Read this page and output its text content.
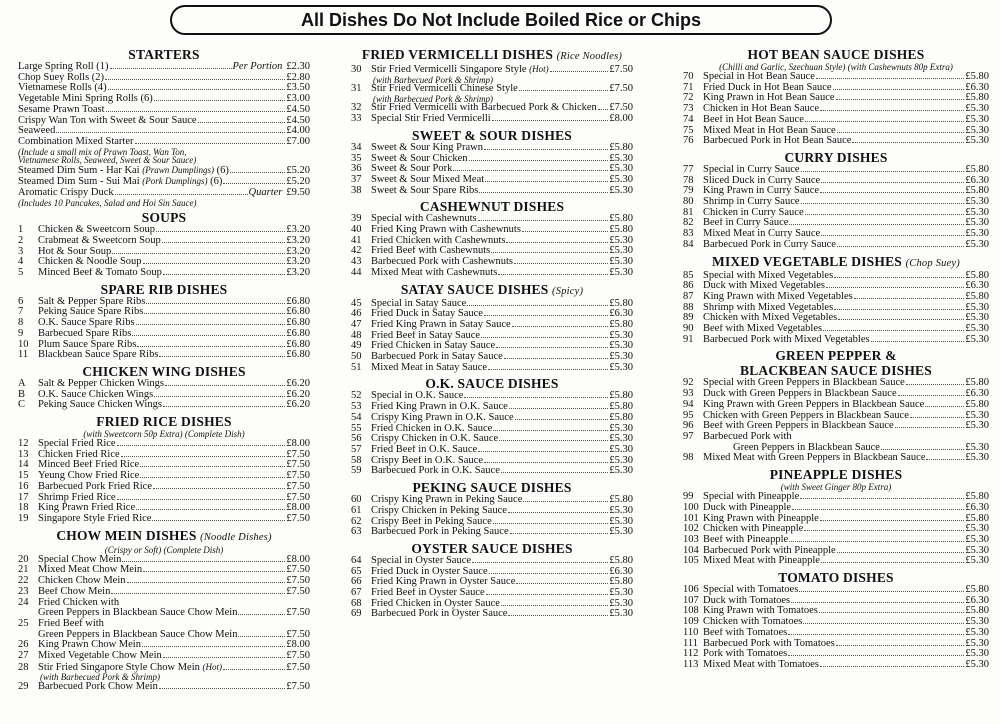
All Dishes Do Not Include Boiled Rice or Chips
STARTERS
Large Spring Roll (1)	Per Portion £2.30
Chop Suey Rolls (2)	£2.80
Vietnamese Rolls (4)	£3.50
Vegetable Mini Spring Rolls (6)	£3.00
Sesame Prawn Toast	£4.50
Crispy Wan Ton with Sweet & Sour Sauce	£4.50
Seaweed	£4.00
Combination Mixed Starter	£7.00
(Include a small mix of Prawn Toast, Wan Ton,
Vietnamese Rolls, Seaweed, Sweet & Sour Sauce)
Steamed Dim Sum - Har Kai (Prawn Dumplings) (6)	£5.20
Steamed Dim Sum - Sui Mai (Pork Dumplings) (6)	£5.20
Aromatic Crispy Duck	Quarter £9.50
(Includes 10 Pancakes, Salad and Hoi Sin Sauce)
SOUPS
1	Chicken & Sweetcorn Soup	£3.20
2	Crabmeat & Sweetcorn Soup	£3.20
3	Hot & Sour Soup	£3.20
4	Chicken & Noodle Soup	£3.20
5	Minced Beef & Tomato Soup	£3.20
SPARE RIB DISHES
6	Salt & Pepper Spare Ribs	£6.80
7	Peking Sauce Spare Ribs	£6.80
8	O.K. Sauce Spare Ribs	£6.80
9	Barbecued Spare Ribs	£6.80
10 Plum Sauce Spare Ribs	£6.80
11 Blackbean Sauce Spare Ribs	£6.80
CHICKEN WING DISHES
A	Salt & Pepper Chicken Wings	£6.20
B	O.K. Sauce Chicken Wings	£6.20
C	Peking Sauce Chicken Wings	£6.20
FRIED RICE DISHES
(with Sweetcorn 50p Extra) (Complete Dish)
12 Special Fried Rice	£8.00
13 Chicken Fried Rice	£7.50
14 Minced Beef Fried Rice	£7.50
15 Yeung Chow Fried Rice	£7.50
16 Barbecued Pork Fried Rice	£7.50
17 Shrimp Fried Rice	£7.50
18 King Prawn Fried Rice	£8.00
19 Singapore Style Fried Rice	£7.50
CHOW MEIN DISHES (Noodle Dishes)
(Crispy or Soft) (Complete Dish)
20 Special Chow Mein	£8.00
21 Mixed Meat Chow Mein	£7.50
22 Chicken Chow Mein	£7.50
23 Beef Chow Mein	£7.50
24 Fried Chicken with
Green Peppers in Blackbean Sauce Chow Mein	£7.50
25 Fried Beef with
Green Peppers in Blackbean Sauce Chow Mein	£7.50
26 King Prawn Chow Mein	£8.00
27 Mixed Vegetable Chow Mein	£7.50
28 Stir Fried Singapore Style Chow Mein (Hot)	£7.50
(with Barbecued Pork & Shrimp)
29 Barbecued Pork Chow Mein	£7.50
FRIED VERMICELLI DISHES (Rice Noodles)
30 Stir Fried Vermicelli Singapore Style (Hot)	£7.50
(with Barbecued Pork & Shrimp)
31 Stir Fried Vermicelli Chinese Style	£7.50
(with Barbecued Pork & Shrimp)
32 Stir Fried Vermicelli with Barbecued Pork & Chicken £7.50
33 Special Stir Fried Vermicelli	£8.00
SWEET & SOUR DISHES
34 Sweet & Sour King Prawn	£5.80
35 Sweet & Sour Chicken	£5.30
36 Sweet & Sour Pork	£5.30
37 Sweet & Sour Mixed Meat	£5.30
38 Sweet & Sour Spare Ribs	£5.30
CASHEWNUT DISHES
39 Special with Cashewnuts	£5.80
40 Fried King Prawn with Cashewnuts	£5.80
41 Fried Chicken with Cashewnuts	£5.30
42 Fried Beef with Cashewnuts	£5.30
43 Barbecued Pork with Cashewnuts	£5.30
44 Mixed Meat with Cashewnuts	£5.30
SATAY SAUCE DISHES (Spicy)
45 Special in Satay Sauce	£5.80
46 Fried Duck in Satay Sauce	£6.30
47 Fried King Prawn in Satay Sauce	£5.80
48 Fried Beef in Satay Sauce	£5.30
49 Fried Chicken in Satay Sauce	£5.30
50 Barbecued Pork in Satay Sauce	£5.30
51 Mixed Meat in Satay Sauce	£5.30
O.K. SAUCE DISHES
52 Special in O.K. Sauce	£5.80
53 Fried King Prawn in O.K. Sauce	£5.80
54 Crispy King Prawn in O.K. Sauce	£5.80
55 Fried Chicken in O.K. Sauce	£5.30
56 Crispy Chicken in O.K. Sauce	£5.30
57 Fried Beef in O.K. Sauce	£5.30
58 Crispy Beef in O.K. Sauce	£5.30
59 Barbecued Pork in O.K. Sauce	£5.30
PEKING SAUCE DISHES
60 Crispy King Prawn in Peking Sauce	£5.80
61 Crispy Chicken in Peking Sauce	£5.30
62 Crispy Beef in Peking Sauce	£5.30
63 Barbecued Pork in Peking Sauce	£5.30
OYSTER SAUCE DISHES
64 Special in Oyster Sauce	£5.80
65 Fried Duck in Oyster Sauce	£6.30
66 Fried King Prawn in Oyster Sauce	£5.80
67 Fried Beef in Oyster Sauce	£5.30
68 Fried Chicken in Oyster Sauce	£5.30
69 Barbecued Pork in Oyster Sauce	£5.30
HOT BEAN SAUCE DISHES
(Chilli and Garlic, Szechuan Style) (with Cashewnuts 80p Extra)
70 Special in Hot Bean Sauce	£5.80
71 Fried Duck in Hot Bean Sauce	£6.30
72 King Prawn in Hot Bean Sauce	£5.80
73 Chicken in Hot Bean Sauce	£5.30
74 Beef in Hot Bean Sauce	£5.30
75 Mixed Meat in Hot Bean Sauce	£5.30
76 Barbecued Pork in Hot Bean Sauce	£5.30
CURRY DISHES
77 Special in Curry Sauce	£5.80
78 Sliced Duck in Curry Sauce	£6.30
79 King Prawn in Curry Sauce	£5.80
80 Shrimp in Curry Sauce	£5.30
81 Chicken in Curry Sauce	£5.30
82 Beef in Curry Sauce	£5.30
83 Mixed Meat in Curry Sauce	£5.30
84 Barbecued Pork in Curry Sauce	£5.30
MIXED VEGETABLE DISHES (Chop Suey)
85 Special with Mixed Vegetables	£5.80
86 Duck with Mixed Vegetables	£6.30
87 King Prawn with Mixed Vegetables	£5.80
88 Shrimp with Mixed Vegetables	£5.30
89 Chicken with Mixed Vegetables	£5.30
90 Beef with Mixed Vegetables	£5.30
91 Barbecued Pork with Mixed Vegetables	£5.30
GREEN PEPPER &
BLACKBEAN SAUCE DISHES
92 Special with Green Peppers in Blackbean Sauce	£5.80
93 Duck with Green Peppers in Blackbean Sauce	£6.30
94 King Prawn with Green Peppers in Blackbean Sauce	£5.80
95 Chicken with Green Peppers in Blackbean Sauce	£5.30
96 Beef with Green Peppers in Blackbean Sauce	£5.30
97 Barbecued Pork with
Green Peppers in Blackbean Sauce	£5.30
98 Mixed Meat with Green Peppers in Blackbean Sauce	£5.30
PINEAPPLE DISHES
(with Sweet Ginger 80p Extra)
99 Special with Pineapple	£5.80
100 Duck with Pineapple	£6.30
101 King Prawn with Pineapple	£5.80
102 Chicken with Pineapple	£5.30
103 Beef with Pineapple	£5.30
104 Barbecued Pork with Pineapple	£5.30
105 Mixed Meat with Pineapple	£5.30
TOMATO DISHES
106 Special with Tomatoes	£5.80
107 Duck with Tomatoes	£6.30
108 King Prawn with Tomatoes	£5.80
109 Chicken with Tomatoes	£5.30
110 Beef with Tomatoes	£5.30
111 Barbecued Pork with Tomatoes	£5.30
112 Pork with Tomatoes	£5.30
113 Mixed Meat with Tomatoes	£5.30
